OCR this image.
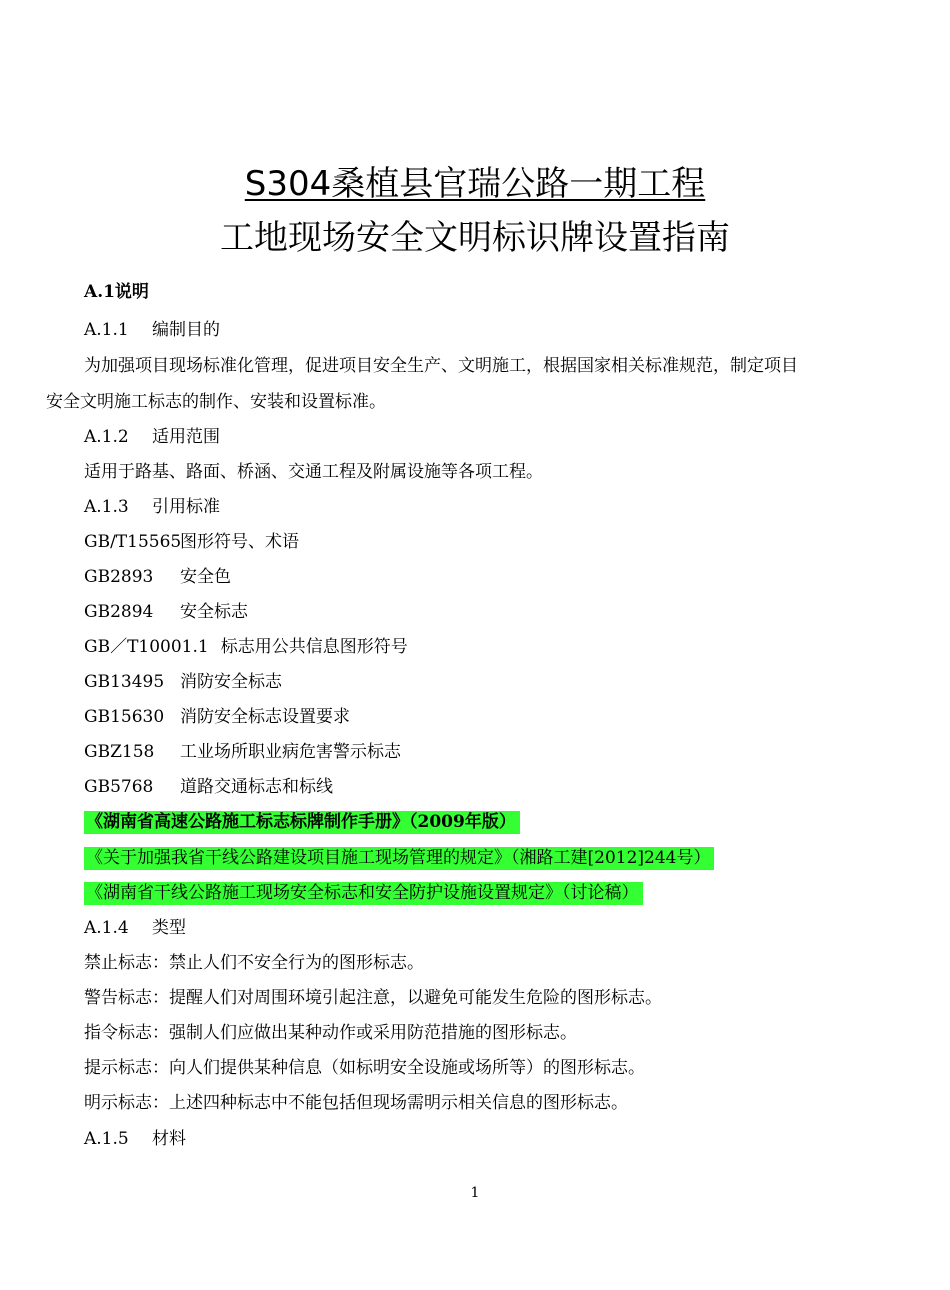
S304桑植县官瑞公路一期工程
工地现场安全文明标识牌设置指南
A.1说明
A.1.1 编制目的
为加强项目现场标准化管理，促进项目安全生产、文明施工，根据国家相关标准规范，制定项目
安全文明施工标志的制作、安装和设置标准。
A.1.2 适用范围
适用于路基、路面、桥涵、交通工程及附属设施等各项工程。
A.1.3 引用标准
GB/T15565图形符号、术语
GB2893 安全色
GB2894 安全标志
GB／T10001.1 标志用公共信息图形符号
GB13495 消防安全标志
GB15630 消防安全标志设置要求
GBZ158 工业场所职业病危害警示标志
GB5768 道路交通标志和标线
《湖南省高速公路施工标志标牌制作手册》（2009年版）
《关于加强我省干线公路建设项目施工现场管理的规定》（湘路工建[2012]244号）
《湖南省干线公路施工现场安全标志和安全防护设施设置规定》（讨论稿）
A.1.4 类型
禁止标志：禁止人们不安全行为的图形标志。
警告标志：提醒人们对周围环境引起注意，以避免可能发生危险的图形标志。
指令标志：强制人们应做出某种动作或采用防范措施的图形标志。
提示标志：向人们提供某种信息（如标明安全设施或场所等）的图形标志。
明示标志：上述四种标志中不能包括但现场需明示相关信息的图形标志。
A.1.5 材料
1
